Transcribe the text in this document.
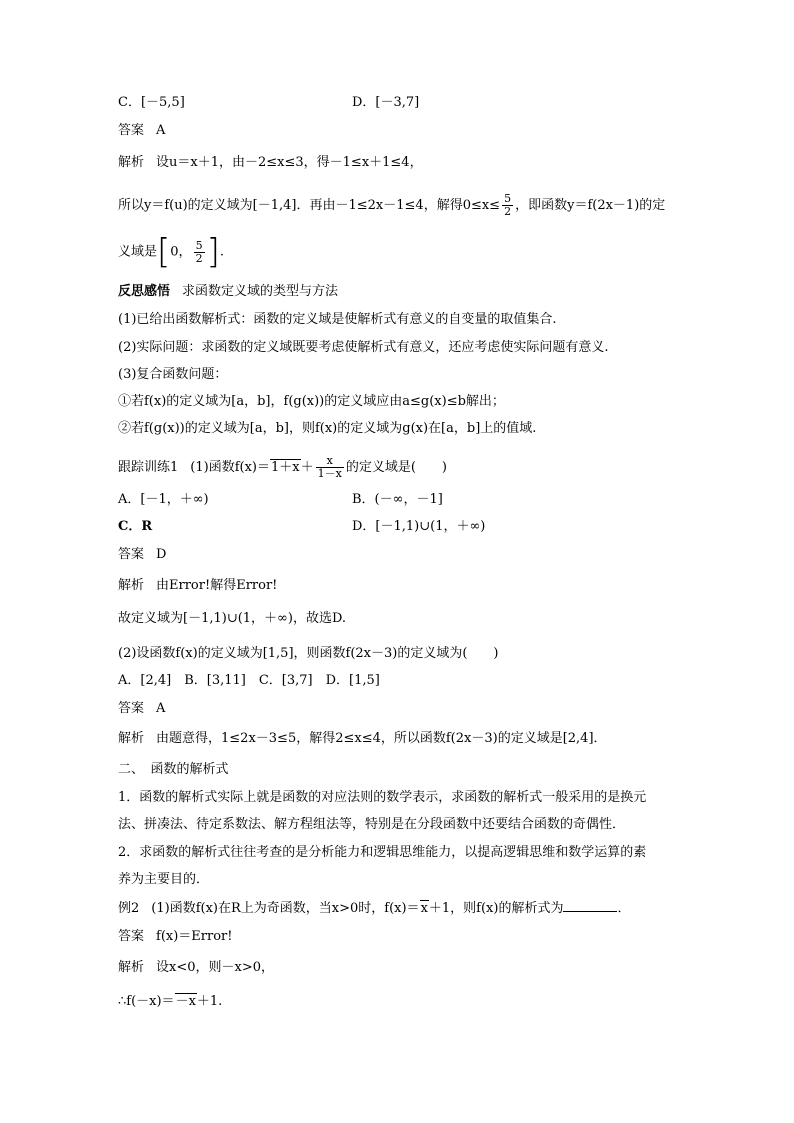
C．[－5,5]	D．[－3,7]
答案 A
解析 设u＝x＋1，由－2≤x≤3，得－1≤x＋1≤4，
所以y＝f(u)的定义域为[－1,4]．再由－1≤2x－1≤4，解得$0\le x\le \frac{5}{2}$ ，即函数y＝f(2x－1)的定
义域是[0， $\frac{5}{2}$ ].
反思感悟 求函数定义域的类型与方法
(1)已给出函数解析式：函数的定义域是使解析式有意义的自变量的取值集合.
(2)实际问题：求函数的定义域既要考虑使解析式有意义，还应考虑使实际问题有意义.
(3)复合函数问题：
①若f(x)的定义域为[a，b]，f(g(x))的定义域应由a≤g(x)≤b解出；
②若f(g(x))的定义域为[a，b]，则f(x)的定义域为g(x)在[a，b]上的值域.
跟踪训练1 (1)函数$f(x)=1+x+ \frac{x}{1-x}$ 的定义域是(　　)
A．[－1，＋∞)	B．(－∞，－1]
C．R	D．[－1,1)∪(1，＋∞)
答案 D
解析 由Error!解得Error!
故定义域为[－1,1)∪(1，＋∞)，故选D.
(2)设函数f(x)的定义域为[1,5]，则函数f(2x－3)的定义域为(　　)
A．[2,4]　B．[3,11]　C．[3,7]　D．[1,5]
答案 A
解析 由题意得，1≤2x－3≤5，解得2≤x≤4，所以函数f(2x－3)的定义域是[2,4]．
二、　函数的解析式
1．函数的解析式实际上就是函数的对应法则的数学表示，求函数的解析式一般采用的是换元
法、拼凑法、待定系数法、解方程组法等，特别是在分段函数中还要结合函数的奇偶性．
2．求函数的解析式往往考查的是分析能力和逻辑思维能力，以提高逻辑思维和数学运算的素
养为主要目的．
例2 (1)函数f(x)在R上为奇函数，当x>0时，f(x)＝x＋1，则f(x)的解析式为	．
答案 f(x)＝Error!
解析 设x<0，则－x>0，
∴f(－x)＝－x＋1.
